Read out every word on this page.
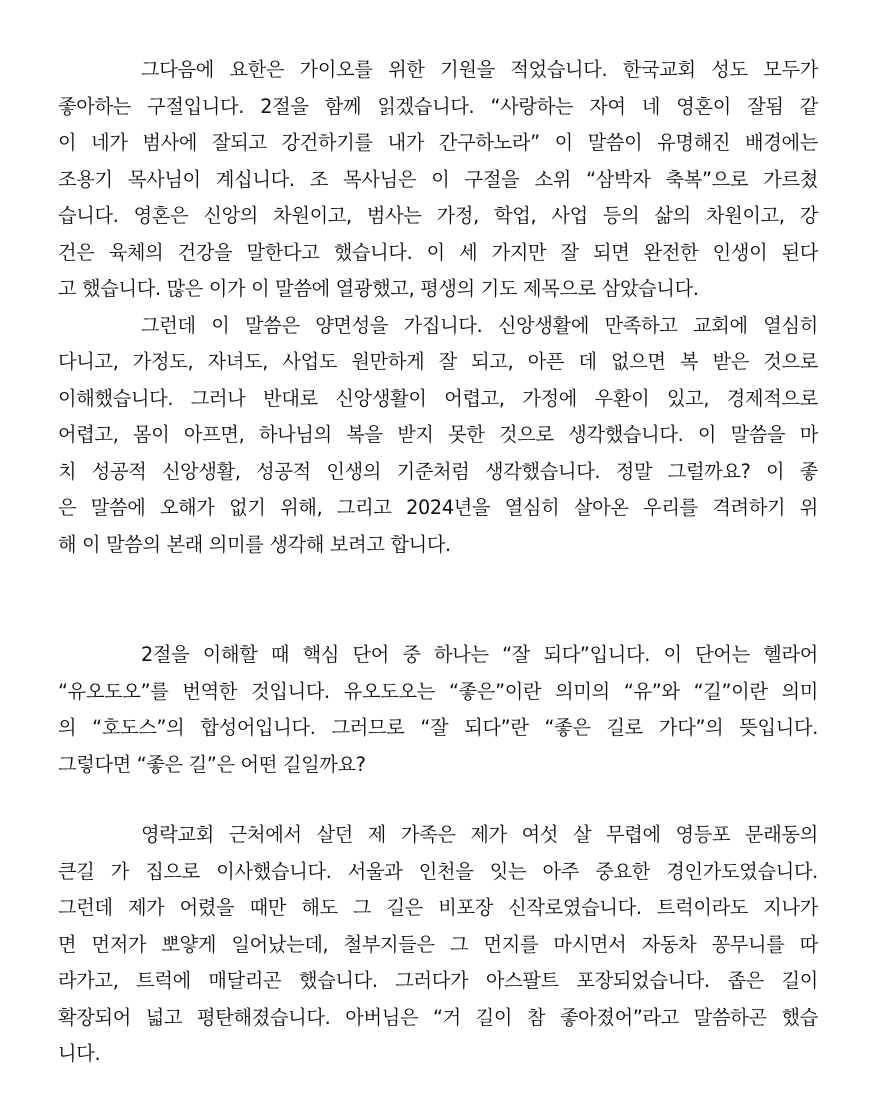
그다음에 요한은 가이오를 위한 기원을 적었습니다. 한국교회 성도 모두가
좋아하는 구절입니다. 2절을 함께 읽겠습니다. “사랑하는 자여 네 영혼이 잘됨 같
이 네가 범사에 잘되고 강건하기를 내가 간구하노라” 이 말씀이 유명해진 배경에는
조용기 목사님이 계십니다. 조 목사님은 이 구절을 소위 “삼박자 축복”으로 가르쳤
습니다. 영혼은 신앙의 차원이고, 범사는 가정, 학업, 사업 등의 삶의 차원이고, 강
건은 육체의 건강을 말한다고 했습니다. 이 세 가지만 잘 되면 완전한 인생이 된다
고 했습니다. 많은 이가 이 말씀에 열광했고, 평생의 기도 제목으로 삼았습니다.
그런데 이 말씀은 양면성을 가집니다. 신앙생활에 만족하고 교회에 열심히
다니고, 가정도, 자녀도, 사업도 원만하게 잘 되고, 아픈 데 없으면 복 받은 것으로
이해했습니다. 그러나 반대로 신앙생활이 어렵고, 가정에 우환이 있고, 경제적으로
어렵고, 몸이 아프면, 하나님의 복을 받지 못한 것으로 생각했습니다. 이 말씀을 마
치 성공적 신앙생활, 성공적 인생의 기준처럼 생각했습니다. 정말 그럴까요? 이 좋
은 말씀에 오해가 없기 위해, 그리고 2024년을 열심히 살아온 우리를 격려하기 위
해 이 말씀의 본래 의미를 생각해 보려고 합니다.
2절을 이해할 때 핵심 단어 중 하나는 “잘 되다”입니다. 이 단어는 헬라어
“유오도오”를 번역한 것입니다. 유오도오는 “좋은”이란 의미의 “유”와 “길”이란 의미
의 “호도스”의 합성어입니다. 그러므로 “잘 되다”란 “좋은 길로 가다”의 뜻입니다.
그렇다면 “좋은 길”은 어떤 길일까요?
영락교회 근처에서 살던 제 가족은 제가 여섯 살 무렵에 영등포 문래동의
큰길 가 집으로 이사했습니다. 서울과 인천을 잇는 아주 중요한 경인가도였습니다.
그런데 제가 어렸을 때만 해도 그 길은 비포장 신작로였습니다. 트럭이라도 지나가
면 먼저가 뽀얗게 일어났는데, 철부지들은 그 먼지를 마시면서 자동차 꽁무니를 따
라가고, 트럭에 매달리곤 했습니다. 그러다가 아스팔트 포장되었습니다. 좁은 길이
확장되어 넓고 평탄해졌습니다. 아버님은 “거 길이 참 좋아졌어”라고 말씀하곤 했습
니다.
